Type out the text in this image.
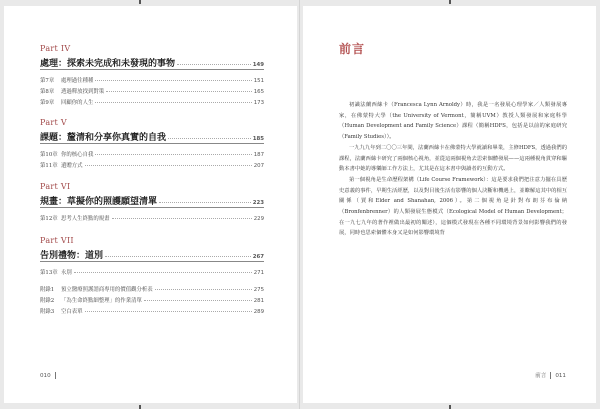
Part IV
處理：探索未完成和未發現的事物	149
第7章	處理過往種種	151
第8章	透過釋放找到對策	165
第9章	回顧你的人生	173
Part V
課題：釐清和分享你真實的自我	185
第10章 你的核心自我	187
第11章 遺贈方式	207
Part VI
規畫：草擬你的照護願望清單	223
第12章 思考人生終點的規畫	229
Part VII
告別禮物：道別	267
第13章 永別	271
附錄1	預立醫療照護諮商專用的價值觀分析表	275
附錄2	「為生命終點細整理」的作業清單	281
附錄3	空白表單	289
010
前言

初識法蘭西絲卡（Francesca Lynn Arnoldy）時，我是一名發展心理學家／人類發展專家，在佛蒙特大學（the University of Vermont，簡稱UVM）教授人類發展和家庭科學（Human Development and Family Science）課程（簡稱HDFS，包括是以前的家庭研究（Family Studies））。

一九九九年到二〇〇三年間，法蘭西絲卡在佛蒙特大學就讀和畢業，主修HDFS，透過我們的課程，法蘭西絲卡研究了兩個核心視角，並從這兩個視角去思索個體發展——這兩種視角貫穿和驅動本書中她的導樂師工作方法上，尤其是在這本書中與讀者的互動方式。

第一個視角是生命歷程架構（Life Course Framework）：這是要求我們把注意力擺在具歷史意義的事件，早期生活經歷，以及對目後生活有影響的個人決斷和機遇上，並瞭解這其中的相互關係（賈和Elder and Shanahan, 2006）。第二個視角是針對布朗芬布倫納（Bronfenbrenner）的人類發展生態模式（Ecological Model of Human Development；在一九七九年的著作裡做出最初的闡述），這個模式發現在各種不同環境背景如何影響我們的發展，同時也思索個體本身又是如何影響環境背

前言 011
